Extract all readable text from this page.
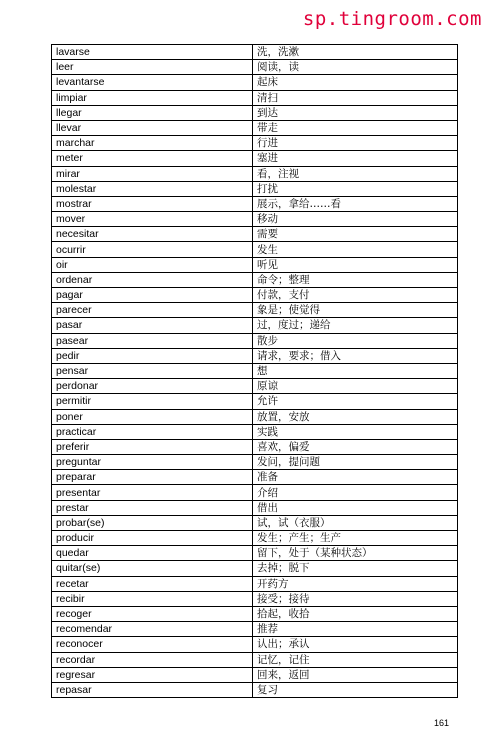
sp.tingroom.com
lavarse	洗，洗漱
leer	阅读，读
levantarse	起床
limpiar	清扫
llegar	到达
llevar	带走
marchar	行进
meter	塞进
mirar	看，注视
molestar	打扰
mostrar	展示，拿给……看
mover	移动
necesitar	需要
ocurrir	发生
oir	听见
ordenar	命令；整理
pagar	付款，支付
parecer	象是；使觉得
pasar	过，度过；递给
pasear	散步
pedir	请求，要求；借入
pensar	想
perdonar	原谅
permitir	允许
poner	放置，安放
practicar	实践
preferir	喜欢，偏爱
preguntar	发问，提问题
preparar	准备
presentar	介绍
prestar	借出
probar(se)	试，试（衣服）
producir	发生；产生；生产
quedar	留下，处于（某种状态）
quitar(se)	去掉；脱下
recetar	开药方
recibir	接受；接待
recoger	拾起，收拾
recomendar	推荐
reconocer	认出；承认
recordar	记忆，记住
regresar	回来，返回
repasar	复习
161
